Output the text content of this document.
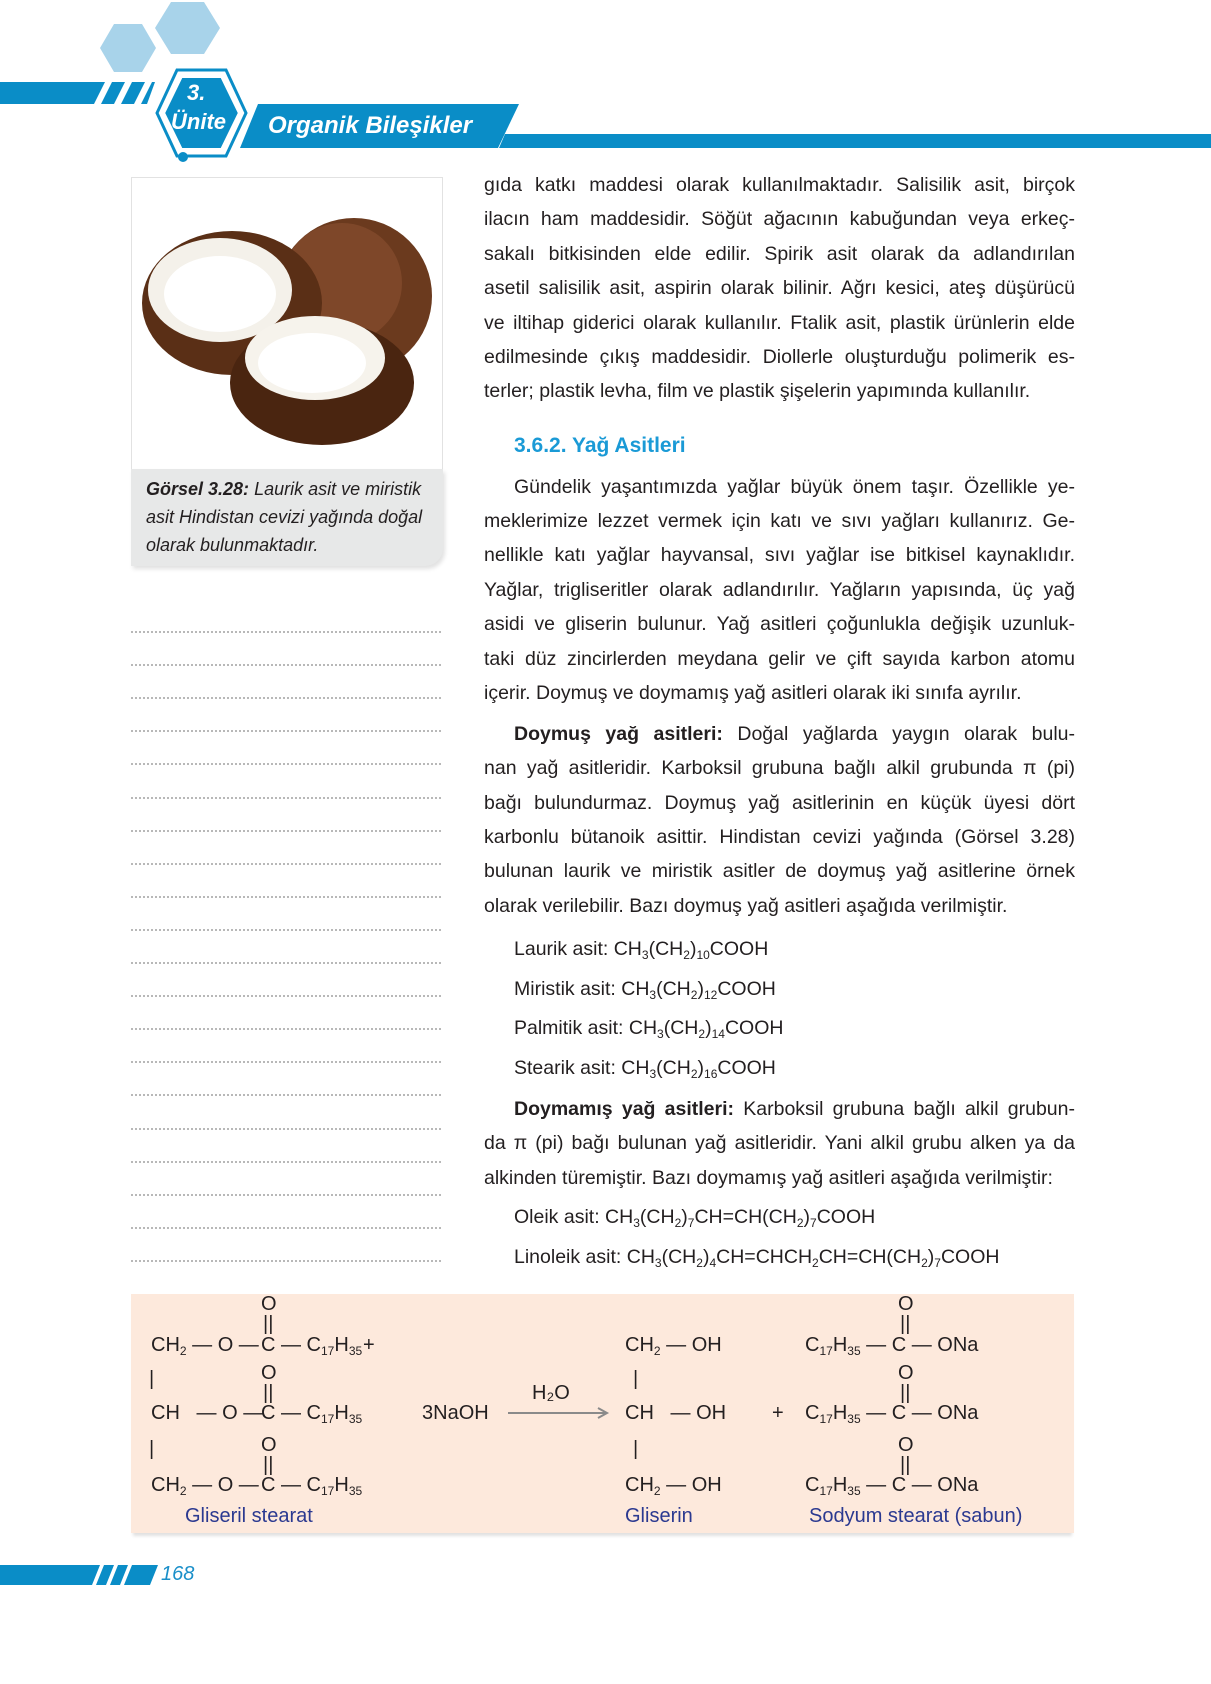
3.
Ünite Organik Bileşikler
Görsel 3.28: Laurik asit ve miristik
asit Hindistan cevizi yağında doğal
olarak bulunmaktadır.
gıda katkı maddesi olarak kullanılmaktadır. Salisilik asit, birçok
ilacın ham maddesidir. Söğüt ağacının kabuğundan veya erkeç-
sakalı bitkisinden elde edilir. Spirik asit olarak da adlandırılan
asetil salisilik asit, aspirin olarak bilinir. Ağrı kesici, ateş düşürücü
ve iltihap giderici olarak kullanılır. Ftalik asit, plastik ürünlerin elde
edilmesinde çıkış maddesidir. Diollerle oluşturduğu polimerik es-
terler; plastik levha, film ve plastik şişelerin yapımında kullanılır.
3.6.2. Yağ Asitleri
Gündelik yaşantımızda yağlar büyük önem taşır. Özellikle ye-
meklerimize lezzet vermek için katı ve sıvı yağları kullanırız. Ge-
nellikle katı yağlar hayvansal, sıvı yağlar ise bitkisel kaynaklıdır.
Yağlar, trigliseritler olarak adlandırılır. Yağların yapısında, üç yağ
asidi ve gliserin bulunur. Yağ asitleri çoğunlukla değişik uzunluk-
taki düz zincirlerden meydana gelir ve çift sayıda karbon atomu
içerir. Doymuş ve doymamış yağ asitleri olarak iki sınıfa ayrılır.
Doymuş yağ asitleri: Doğal yağlarda yaygın olarak bulu-
nan yağ asitleridir. Karboksil grubuna bağlı alkil grubunda π (pi)
bağı bulundurmaz. Doymuş yağ asitlerinin en küçük üyesi dört
karbonlu bütanoik asittir. Hindistan cevizi yağında (Görsel 3.28)
bulunan laurik ve miristik asitler de doymuş yağ asitlerine örnek
olarak verilebilir. Bazı doymuş yağ asitleri aşağıda verilmiştir.
Laurik asit: $CH_3(CH_2)_{10}COOH$
Miristik asit: $CH_3(CH_2)_{12}COOH$
Palmitik asit: $CH_3(CH_2)_{14}COOH$
Stearik asit: $CH_3(CH_2)_{16}COOH$
Doymamış yağ asitleri: Karboksil grubuna bağlı alkil grubun-
da π (pi) bağı bulunan yağ asitleridir. Yani alkil grubu alken ya da
alkinden türemiştir. Bazı doymamış yağ asitleri aşağıda verilmiştir:
Oleik asit: $CH_3(CH_2)_7CH=CH(CH_2)_7COOH$
Linoleik asit: $CH_3(CH_2)_4CH=CHCH_2CH=CH(CH_2)_7COOH$
$CH_2$ — O —
O
||
C — $C_{17}H_{35}$	$CH_2$ — OH	$C_{17}H_{35}$ — C — ONa
O
||
CH   — O —
O
||
C — $C_{17}H_{35}$	CH   — OH	$C_{17}H_{35}$ — C — ONa
O
||
$CH_2$ — O —
O
||
C — $C_{17}H_{35}$	$CH_2$ — OH	$C_{17}H_{35}$ — C — ONa
O
||
|
|
|
|
+
3NaOH
H₂O
+
Gliseril stearat	Gliserin	Sodyum stearat (sabun)
168
